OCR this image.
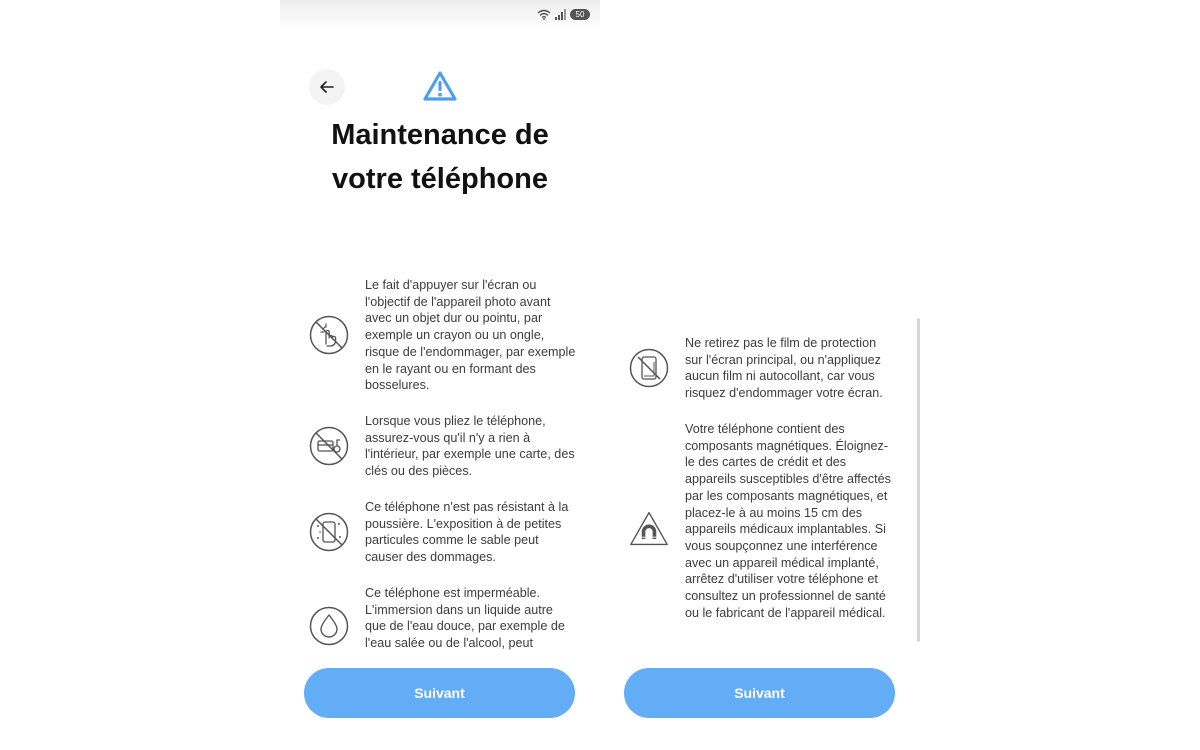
50
Maintenance de votre téléphone

Le fait d'appuyer sur l'écran ou l'objectif de l'appareil photo avant avec un objet dur ou pointu, par exemple un crayon ou un ongle, risque de l'endommager, par exemple en le rayant ou en formant des bosselures.

Lorsque vous pliez le téléphone, assurez-vous qu'il n'y a rien à l'intérieur, par exemple une carte, des clés ou des pièces.

Ce téléphone n'est pas résistant à la poussière. L'exposition à de petites particules comme le sable peut causer des dommages.

Ce téléphone est imperméable. L'immersion dans un liquide autre que de l'eau douce, par exemple de l'eau salée ou de l'alcool, peut

Suivant

Ne retirez pas le film de protection sur l'écran principal, ou n'appliquez aucun film ni autocollant, car vous risquez d'endommager votre écran.

Votre téléphone contient des composants magnétiques. Éloignez-le des cartes de crédit et des appareils susceptibles d'être affectés par les composants magnétiques, et placez-le à au moins 15 cm des appareils médicaux implantables. Si vous soupçonnez une interférence avec un appareil médical implanté, arrêtez d'utiliser votre téléphone et consultez un professionnel de santé ou le fabricant de l'appareil médical.

Suivant
